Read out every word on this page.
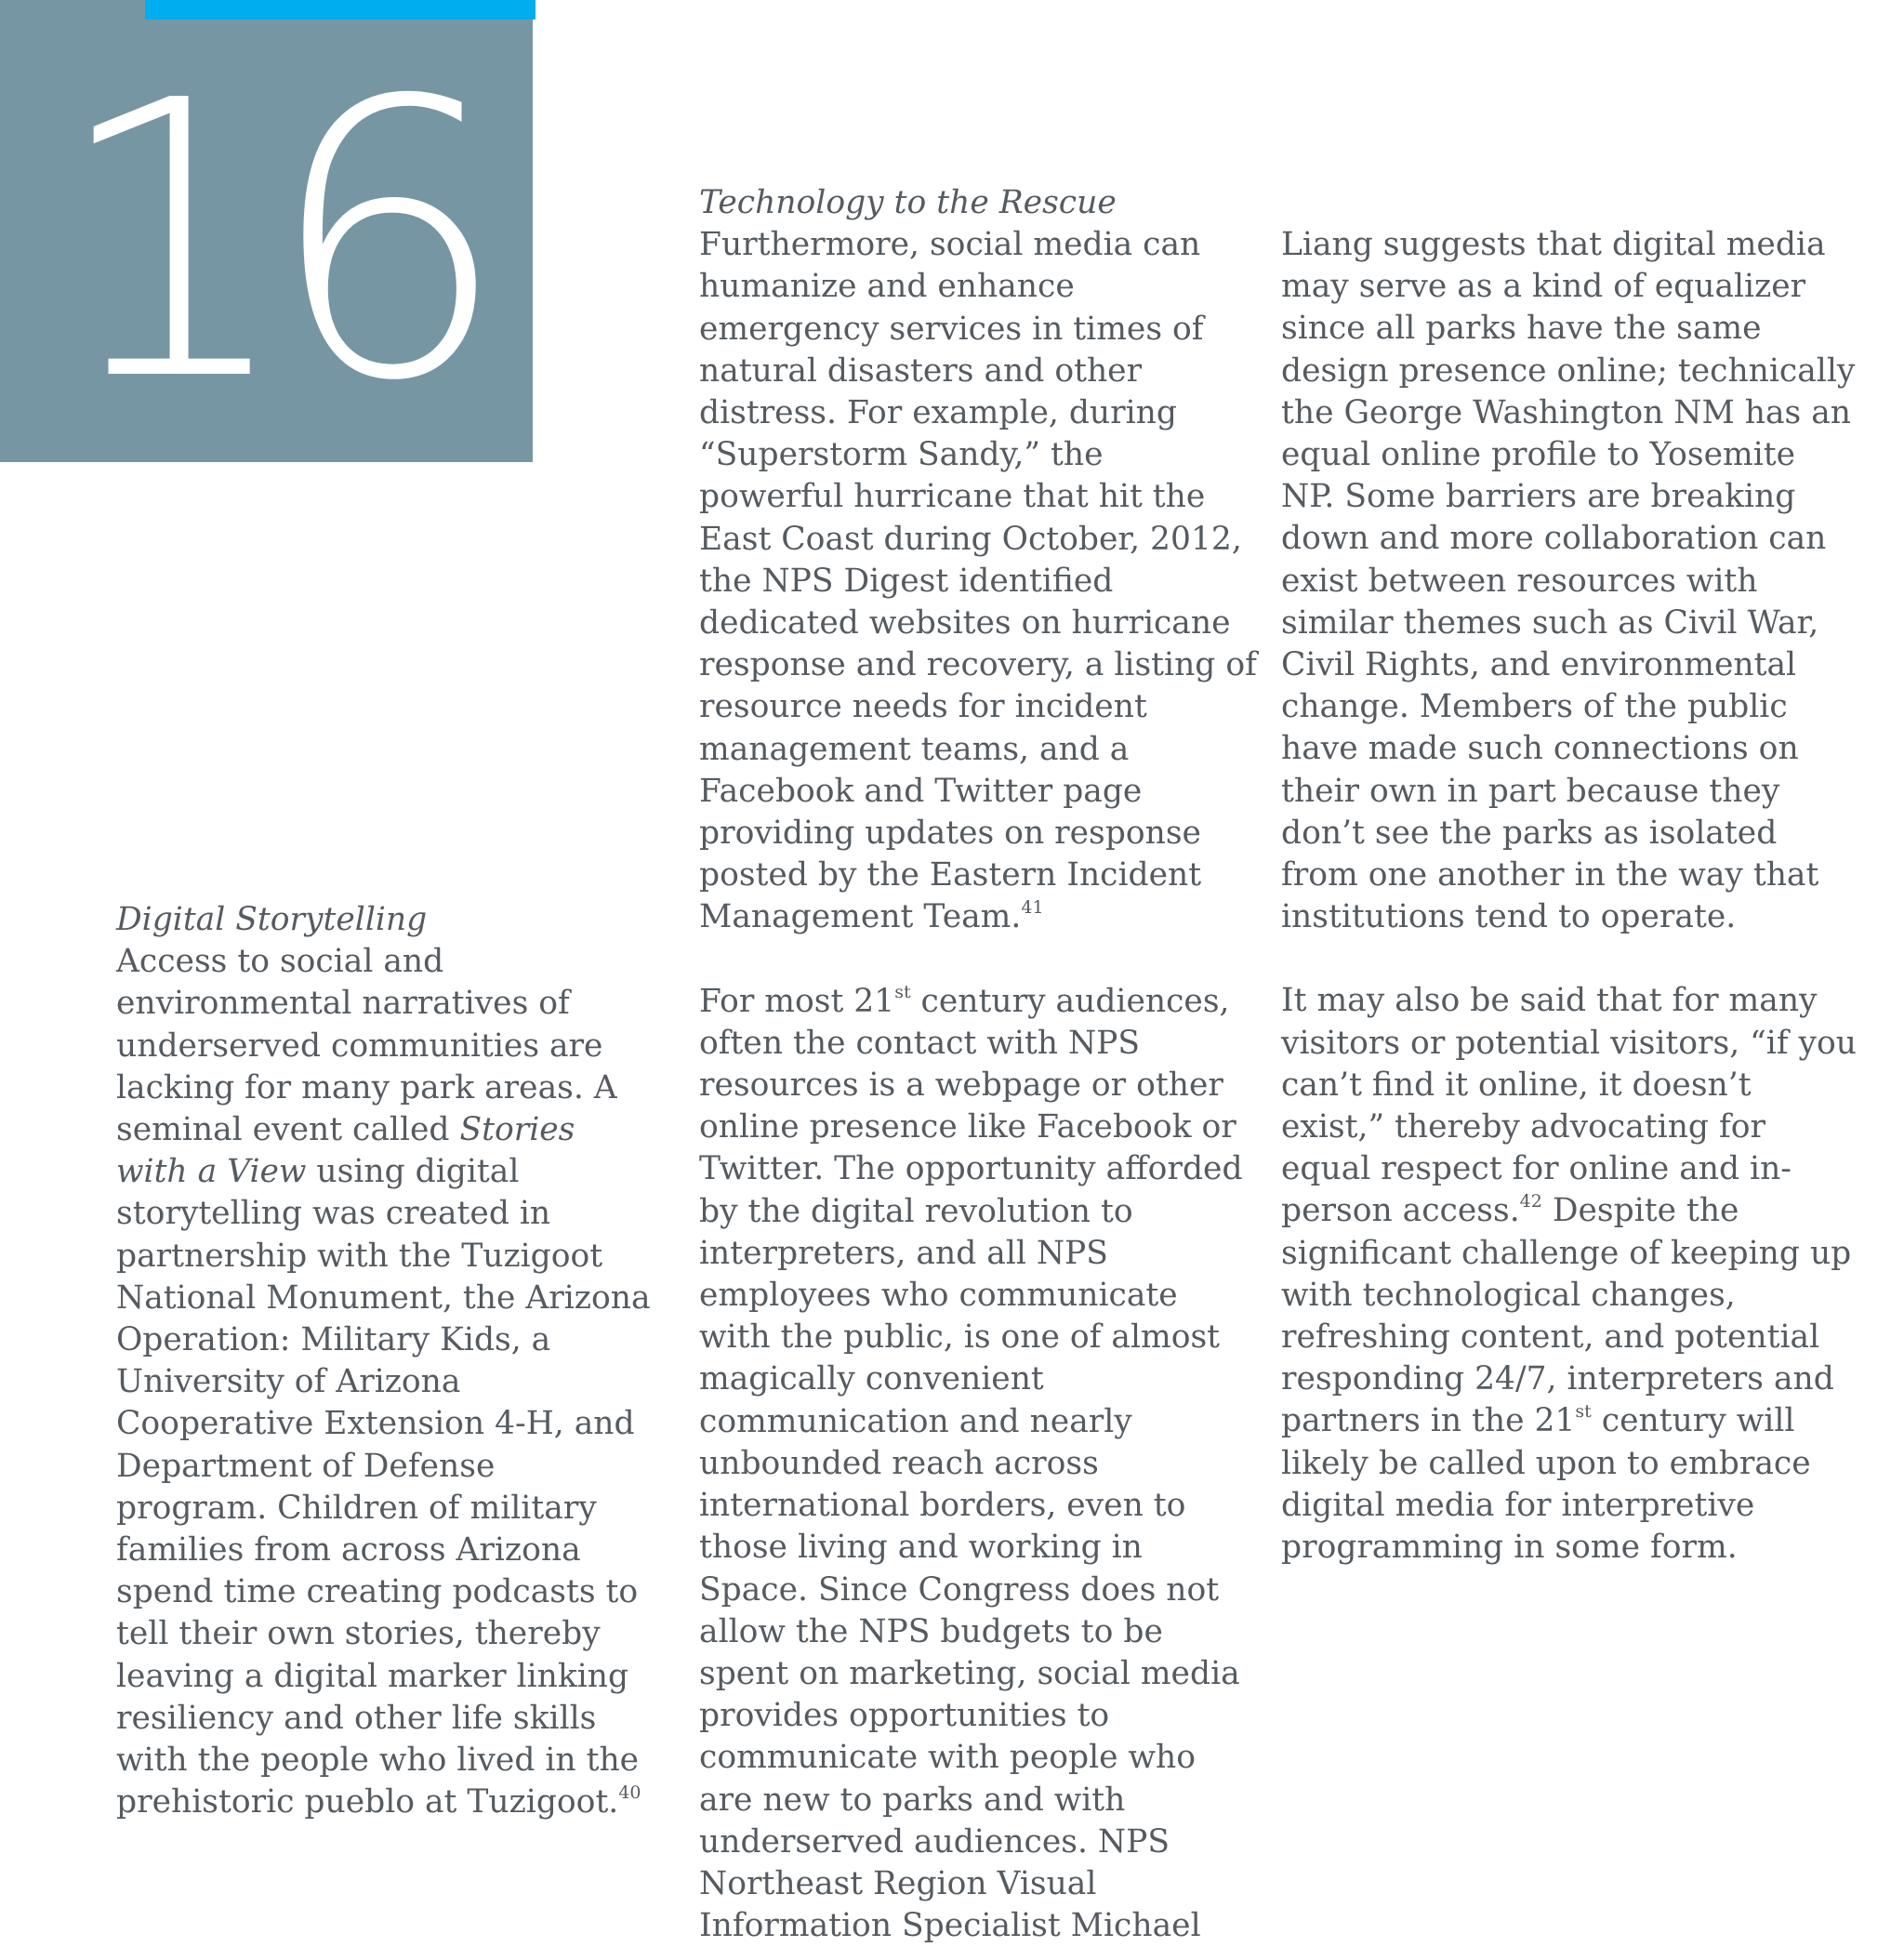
16

Digital Storytelling
Access to social and environmental narratives of underserved communities are lacking for many park areas. A seminal event called Stories with a View using digital storytelling was created in partnership with the Tuzigoot National Monument, the Arizona Operation: Military Kids, a University of Arizona Cooperative Extension 4-H, and Department of Defense program. Children of military families from across Arizona spend time creating podcasts to tell their own stories, thereby leaving a digital marker linking resiliency and other life skills with the people who lived in the prehistoric pueblo at Tuzigoot.$^{40}$

Technology to the Rescue
Furthermore, social media can humanize and enhance emergency services in times of natural disasters and other distress. For example, during “Superstorm Sandy,” the powerful hurricane that hit the East Coast during October, 2012, the NPS Digest identified dedicated websites on hurricane response and recovery, a listing of resource needs for incident management teams, and a Facebook and Twitter page providing updates on response posted by the Eastern Incident Management Team.$^{41}$

For most 21st century audiences, often the contact with NPS resources is a webpage or other online presence like Facebook or Twitter. The opportunity afforded by the digital revolution to interpreters, and all NPS employees who communicate with the public, is one of almost magically convenient communication and nearly unbounded reach across international borders, even to those living and working in Space. Since Congress does not allow the NPS budgets to be spent on marketing, social media provides opportunities to communicate with people who are new to parks and with underserved audiences. NPS Northeast Region Visual Information Specialist Michael

Liang suggests that digital media may serve as a kind of equalizer since all parks have the same design presence online; technically the George Washington NM has an equal online profile to Yosemite NP. Some barriers are breaking down and more collaboration can exist between resources with similar themes such as Civil War, Civil Rights, and environmental change. Members of the public have made such connections on their own in part because they don’t see the parks as isolated from one another in the way that institutions tend to operate.

It may also be said that for many visitors or potential visitors, “if you can’t find it online, it doesn’t exist,” thereby advocating for equal respect for online and in-person access.$^{42}$ Despite the significant challenge of keeping up with technological changes, refreshing content, and potential responding 24/7, interpreters and partners in the 21st century will likely be called upon to embrace digital media for interpretive programming in some form.
